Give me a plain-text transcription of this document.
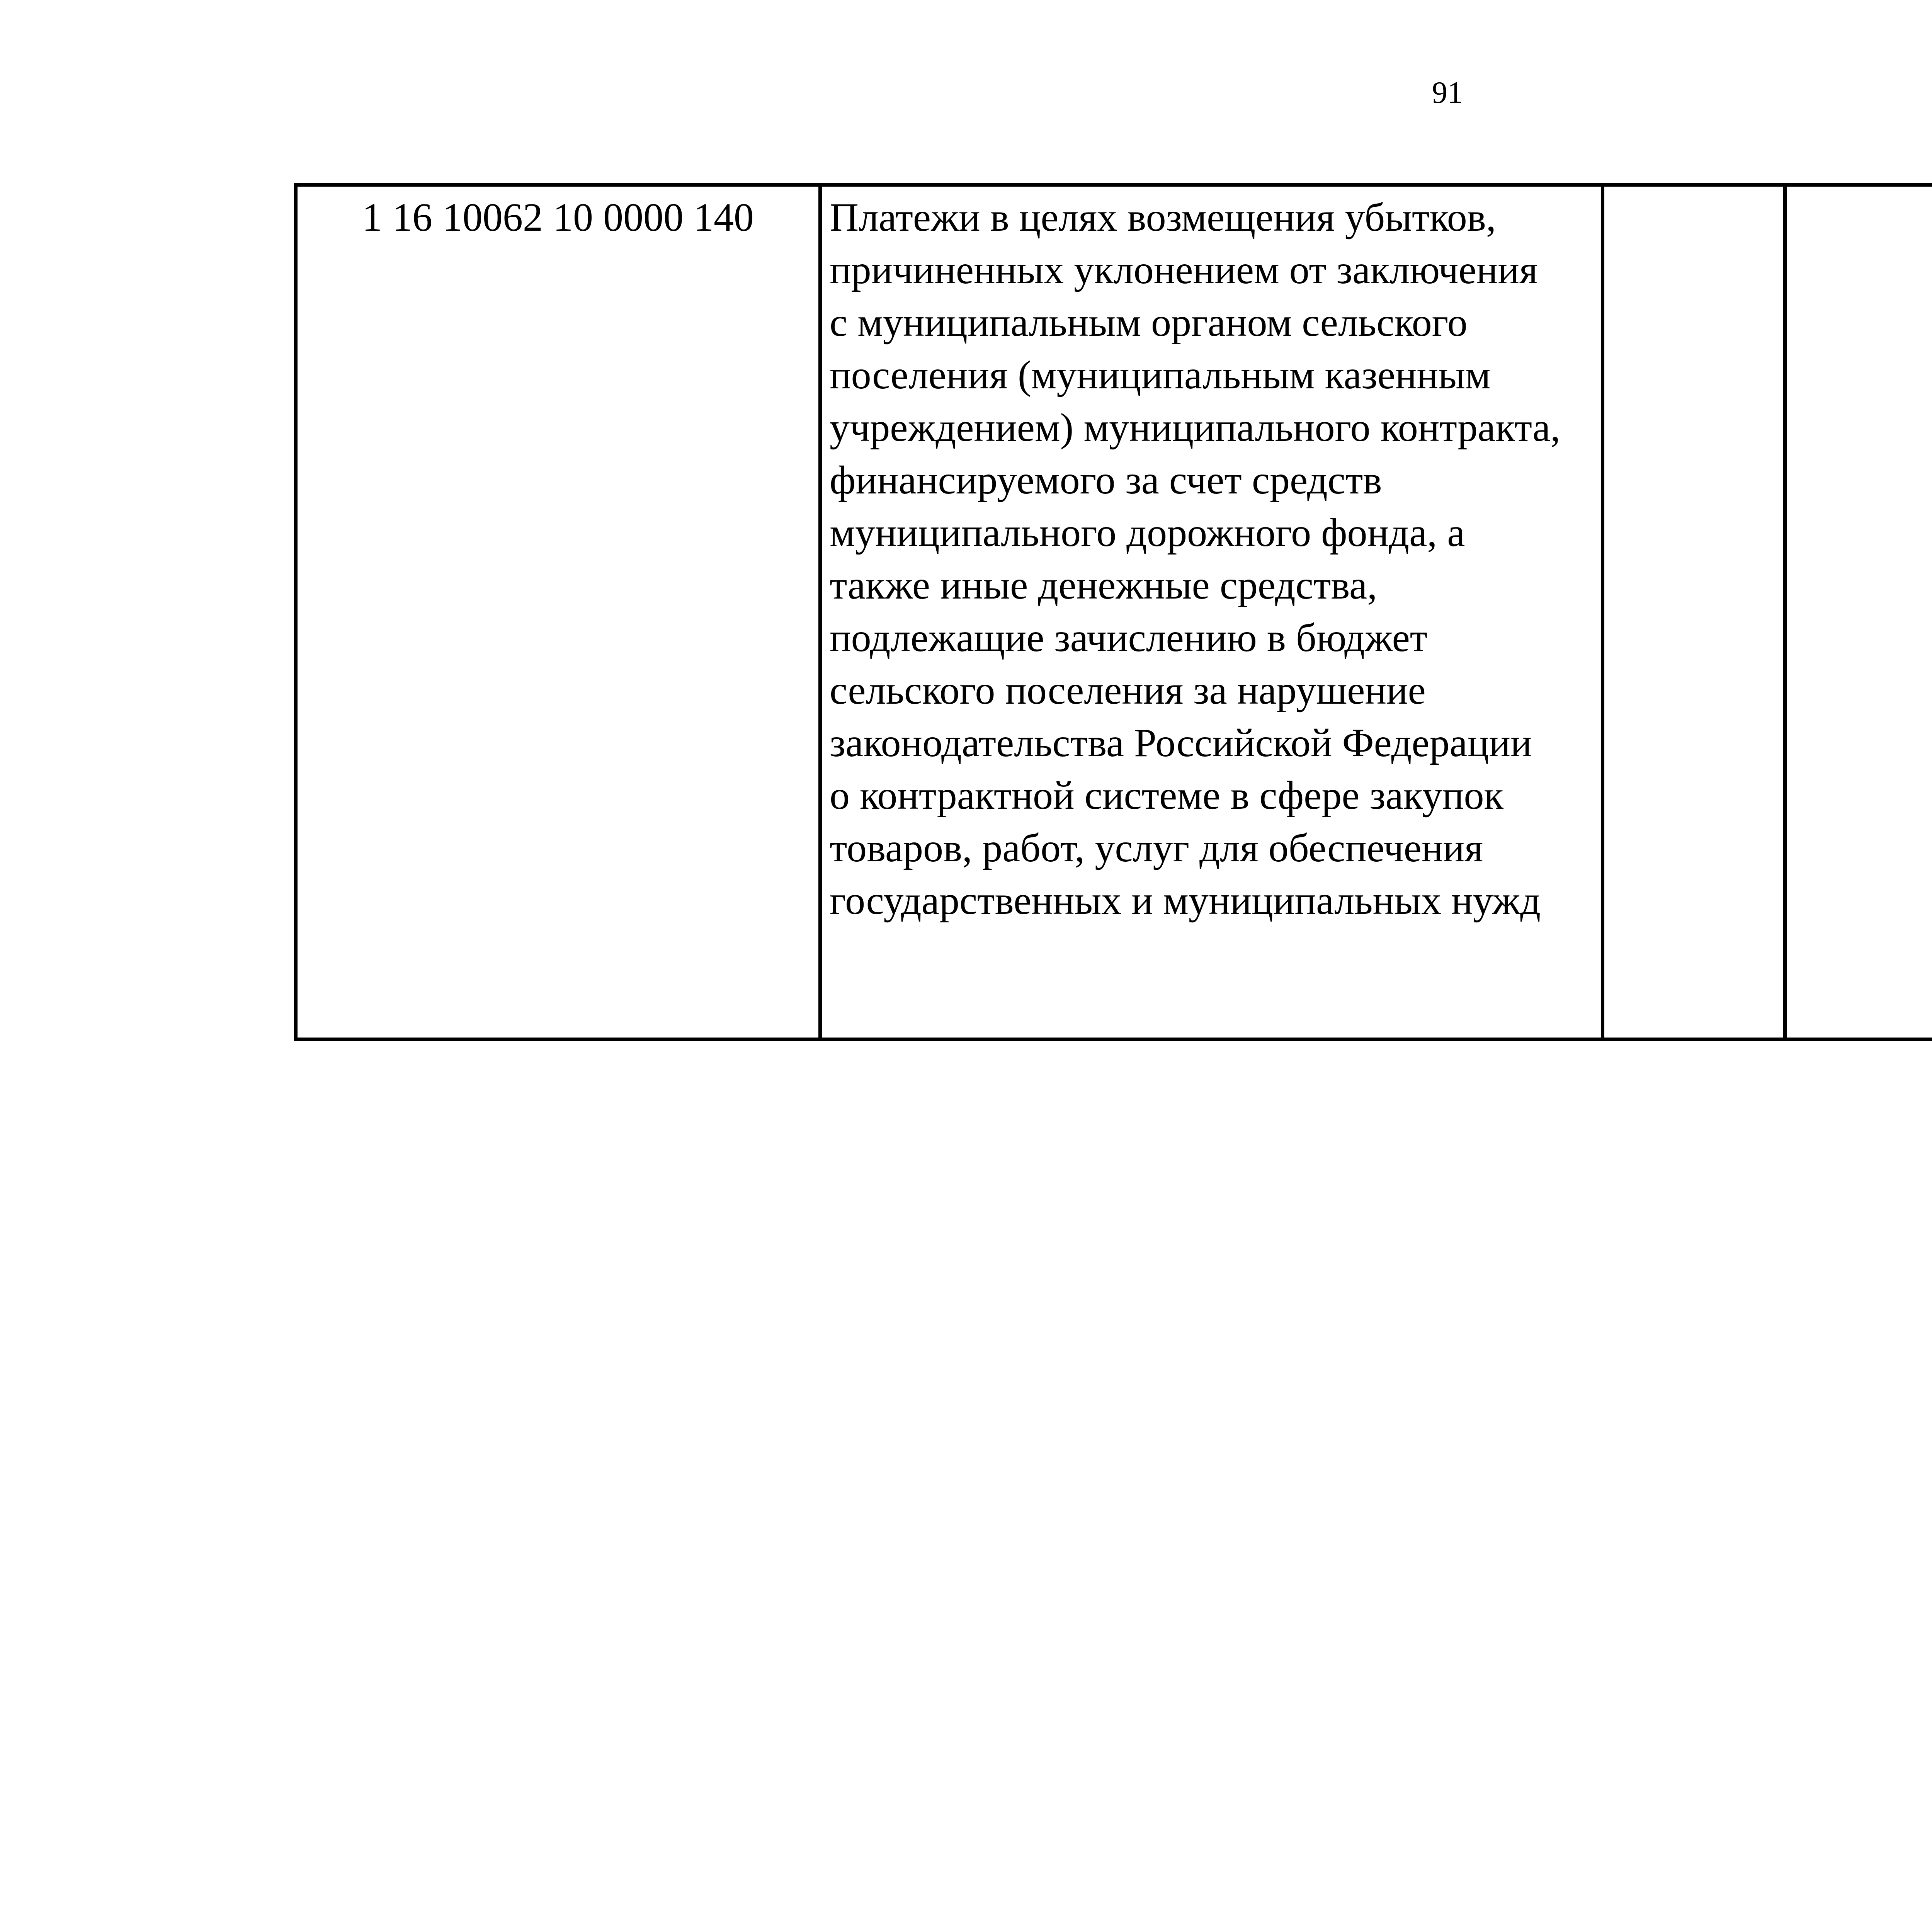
91
1 16 10062 10 0000 140	Платежи в целях возмещения убытков,
причиненных уклонением от заключения
с муниципальным органом сельского
поселения (муниципальным казенным
учреждением) муниципального контракта,
финансируемого за счет средств
муниципального дорожного фонда, а
также иные денежные средства,
подлежащие зачислению в бюджет
сельского поселения за нарушение
законодательства Российской Федерации
о контрактной системе в сфере закупок
товаров, работ, услуг для обеспечения
государственных и муниципальных нужд
